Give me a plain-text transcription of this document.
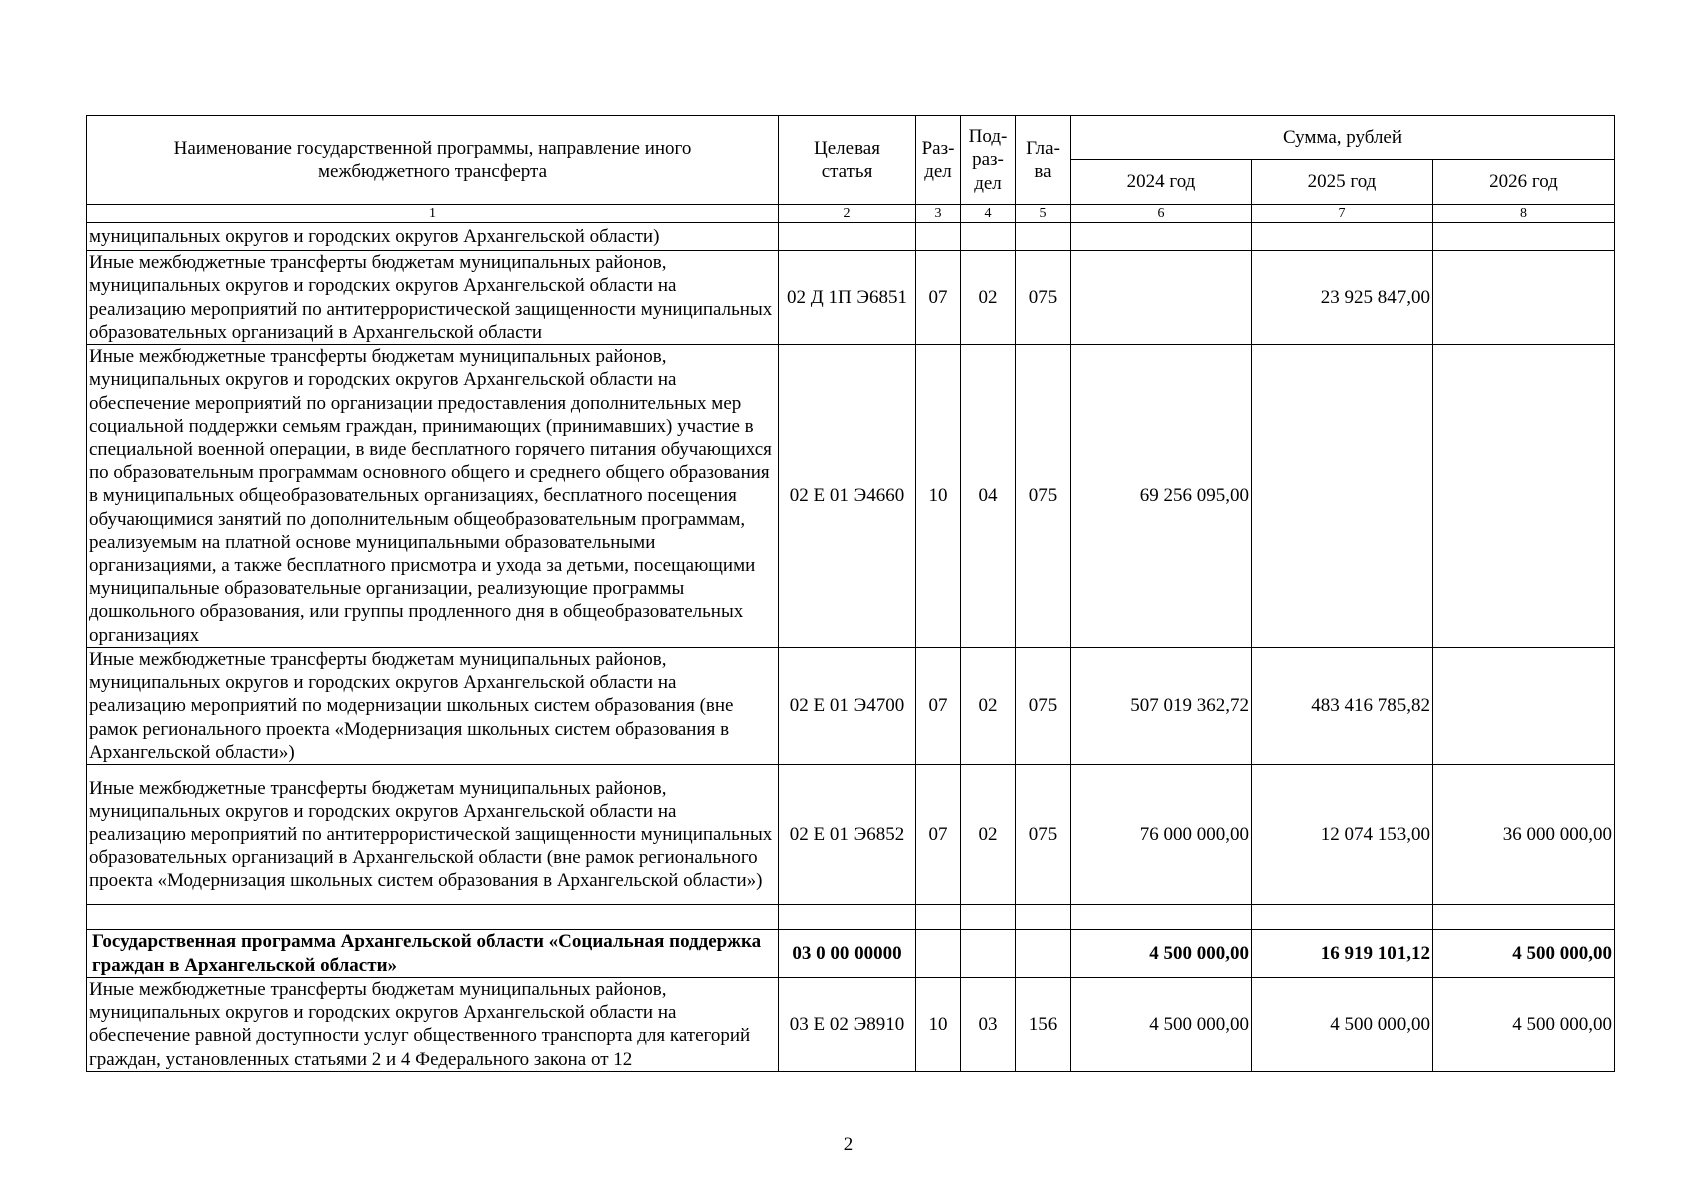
Наименование государственной программы, направление иного межбюджетного трансферта	Целевая статья	Раз-дел	Под-раз-дел	Гла-ва	Сумма, рублей		
					2024 год	2025 год	2026 год
1	2	3	4	5	6	7	8
муниципальных округов и городских округов Архангельской области)							
Иные межбюджетные трансферты бюджетам муниципальных районов, муниципальных округов и городских округов Архангельской области на реализацию мероприятий по антитеррористической защищенности муниципальных образовательных организаций в Архангельской области	02 Д 1П Э6851	07	02	075		23 925 847,00	
Иные межбюджетные трансферты бюджетам муниципальных районов, муниципальных округов и городских округов Архангельской области на обеспечение мероприятий по организации предоставления дополнительных мер социальной поддержки семьям граждан, принимающих (принимавших) участие в специальной военной операции, в виде бесплатного горячего питания обучающихся по образовательным программам основного общего и среднего общего образования в муниципальных общеобразовательных организациях, бесплатного посещения обучающимися занятий по дополнительным общеобразовательным программам, реализуемым на платной основе муниципальными образовательными организациями, а также бесплатного присмотра и ухода за детьми, посещающими муниципальные образовательные организации, реализующие программы дошкольного образования, или группы продленного дня в общеобразовательных организациях	02 Е 01 Э4660	10	04	075	69 256 095,00		
Иные межбюджетные трансферты бюджетам муниципальных районов, муниципальных округов и городских округов Архангельской области на реализацию мероприятий по модернизации школьных систем образования (вне рамок регионального проекта «Модернизация школьных систем образования в Архангельской области»)	02 Е 01 Э4700	07	02	075	507 019 362,72	483 416 785,82	
Иные межбюджетные трансферты бюджетам муниципальных районов, муниципальных округов и городских округов Архангельской области на реализацию мероприятий по антитеррористической защищенности муниципальных образовательных организаций в Архангельской области (вне рамок регионального проекта «Модернизация школьных систем образования в Архангельской области»)	02 Е 01 Э6852	07	02	075	76 000 000,00	12 074 153,00	36 000 000,00

Государственная программа Архангельской области «Социальная поддержка граждан в Архангельской области»	03 0 00 00000				4 500 000,00	16 919 101,12	4 500 000,00
Иные межбюджетные трансферты бюджетам муниципальных районов, муниципальных округов и городских округов Архангельской области на обеспечение равной доступности услуг общественного транспорта для категорий граждан, установленных статьями 2 и 4 Федерального закона от 12	03 Е 02 Э8910	10	03	156	4 500 000,00	4 500 000,00	4 500 000,00
2
